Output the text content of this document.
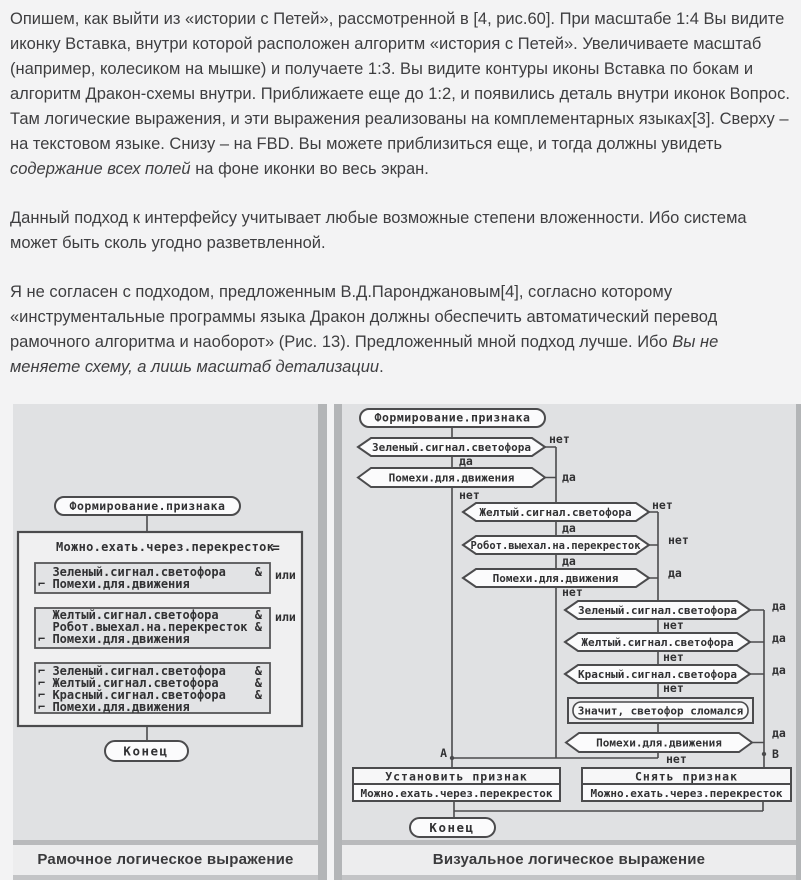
Опишем, как выйти из «истории с Петей», рассмотренной в [4, рис.60]. При масштабе 1:4 Вы видите иконку Вставка, внутри которой расположен алгоритм «история с Петей». Увеличиваете масштаб (например, колесиком на мышке) и получаете 1:3. Вы видите контуры иконы Вставка по бокам и алгоритм Дракон-схемы внутри. Приближаете еще до 1:2, и появились деталь внутри иконок Вопрос. Там логические выражения, и эти выражения реализованы на комплементарных языках[3]. Сверху – на текстовом языке. Снизу – на FBD. Вы можете приблизиться еще, и тогда должны увидеть содержание всех полей на фоне иконки во весь экран.

Данный подход к интерфейсу учитывает любые возможные степени вложенности. Ибо система может быть сколь угодно разветвленной.

Я не согласен с подходом, предложенным В.Д.Паронджановым[4], согласно которому «инструментальные программы языка Дракон должны обеспечить автоматический перевод рамочного алгоритма и наоборот» (Рис. 13). Предложенный мной подход лучше. Ибо Вы не меняете схему, а лишь масштаб детализации.

Формирование.признака
Можно.ехать.через.перекресток
=
Зеленый.сигнал.светофора    &
⌐ Помехи.для.движения
или
Желтый.сигнал.светофора     &
Робот.выехал.на.перекресток &
⌐ Помехи.для.движения
или
⌐ Зеленый.сигнал.светофора    &
⌐ Желтый.сигнал.светофора     &
⌐ Красный.сигнал.светофора    &
⌐ Помехи.для.движения
Конец
Рамочное логическое выражение
Формирование.признака
Зеленый.сигнал.светофора
нет
да
Помехи.для.движения	да
нет
Желтый.сигнал.светофора
нет
да
Робот.выехал.на.перекресток нет
да
Помехи.для.движения	да
нет
Зеленый.сигнал.светофора	да
нет
Желтый.сигнал.светофора	да
нет
Красный.сигнал.светофора	да
нет
Значит, светофор сломался
Помехи.для.движения
да
нет
А	В
Установить признак
Можно.ехать.через.перекресток
Снять признак
Можно.ехать.через.перекресток
Конец
Визуальное логическое выражение
